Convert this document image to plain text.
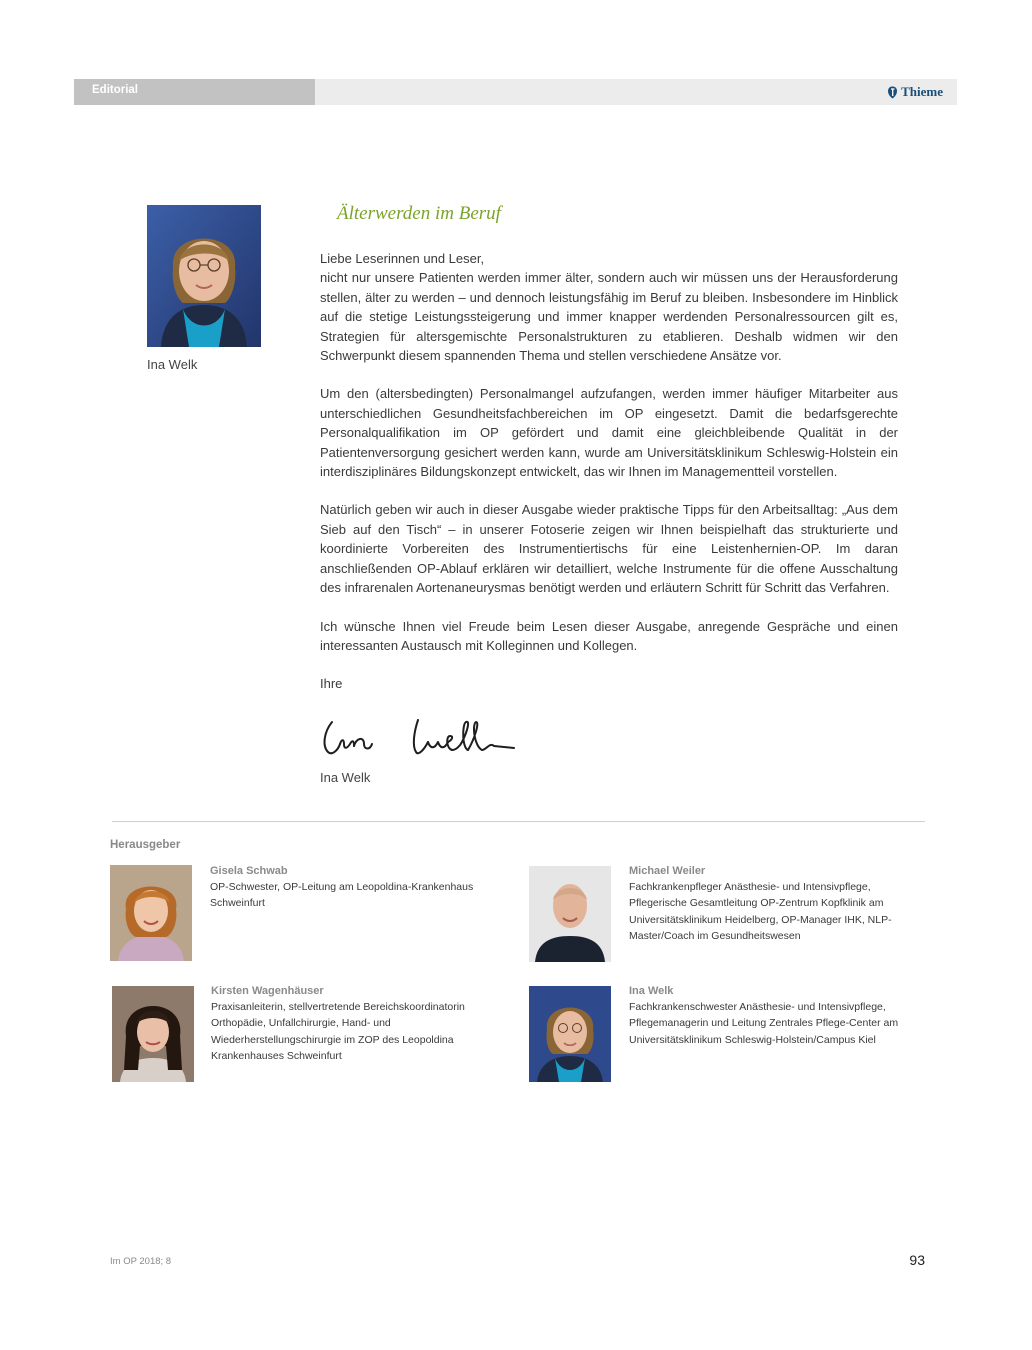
Editorial	Thieme
Ina Welk
Älterwerden im Beruf

Liebe Leserinnen und Leser,
nicht nur unsere Patienten werden immer älter, sondern auch wir müssen uns der Herausforderung stellen, älter zu werden – und dennoch leistungsfähig im Beruf zu bleiben. Insbesondere im Hinblick auf die stetige Leistungssteigerung und immer knapper werdenden Personalressourcen gilt es, Strategien für altersgemischte Personalstrukturen zu etablieren. Deshalb widmen wir den Schwerpunkt diesem spannenden Thema und stellen verschiedene Ansätze vor.

Um den (altersbedingten) Personalmangel aufzufangen, werden immer häufiger Mitarbeiter aus unterschiedlichen Gesundheitsfachbereichen im OP eingesetzt. Damit die bedarfsgerechte Personalqualifikation im OP gefördert und damit eine gleichbleibende Qualität in der Patientenversorgung gesichert werden kann, wurde am Universitätsklinikum Schleswig-Holstein ein interdisziplinäres Bildungskonzept entwickelt, das wir Ihnen im Managementteil vorstellen.

Natürlich geben wir auch in dieser Ausgabe wieder praktische Tipps für den Arbeitsalltag: „Aus dem Sieb auf den Tisch“ – in unserer Fotoserie zeigen wir Ihnen beispielhaft das strukturierte und koordinierte Vorbereiten des Instrumentiertischs für eine Leistenhernien-OP. Im daran anschließenden OP-Ablauf erklären wir detailliert, welche Instrumente für die offene Ausschaltung des infrarenalen Aortenaneurysmas benötigt werden und erläutern Schritt für Schritt das Verfahren.

Ich wünsche Ihnen viel Freude beim Lesen dieser Ausgabe, anregende Gespräche und einen interessanten Austausch mit Kolleginnen und Kollegen.

Ihre

Ina Welk
Herausgeber
Gisela Schwab
OP-Schwester, OP-Leitung am Leopoldina-Krankenhaus Schweinfurt
Michael Weiler
Fachkrankenpfleger Anästhesie- und Intensivpflege, Pflegerische Gesamtleitung OP-Zentrum Kopfklinik am Universitätsklinikum Heidelberg, OP-Manager IHK, NLP-Master/Coach im Gesundheitswesen
Kirsten Wagenhäuser
Praxisanleiterin, stellvertretende Bereichskoordinatorin Orthopädie, Unfallchirurgie, Hand- und Wiederherstellungschirurgie im ZOP des Leopoldina Krankenhauses Schweinfurt
Ina Welk
Fachkrankenschwester Anästhesie- und Intensivpflege, Pflegemanagerin und Leitung Zentrales Pflege-Center am Universitätsklinikum Schleswig-Holstein/Campus Kiel
Im OP 2018; 8	93
